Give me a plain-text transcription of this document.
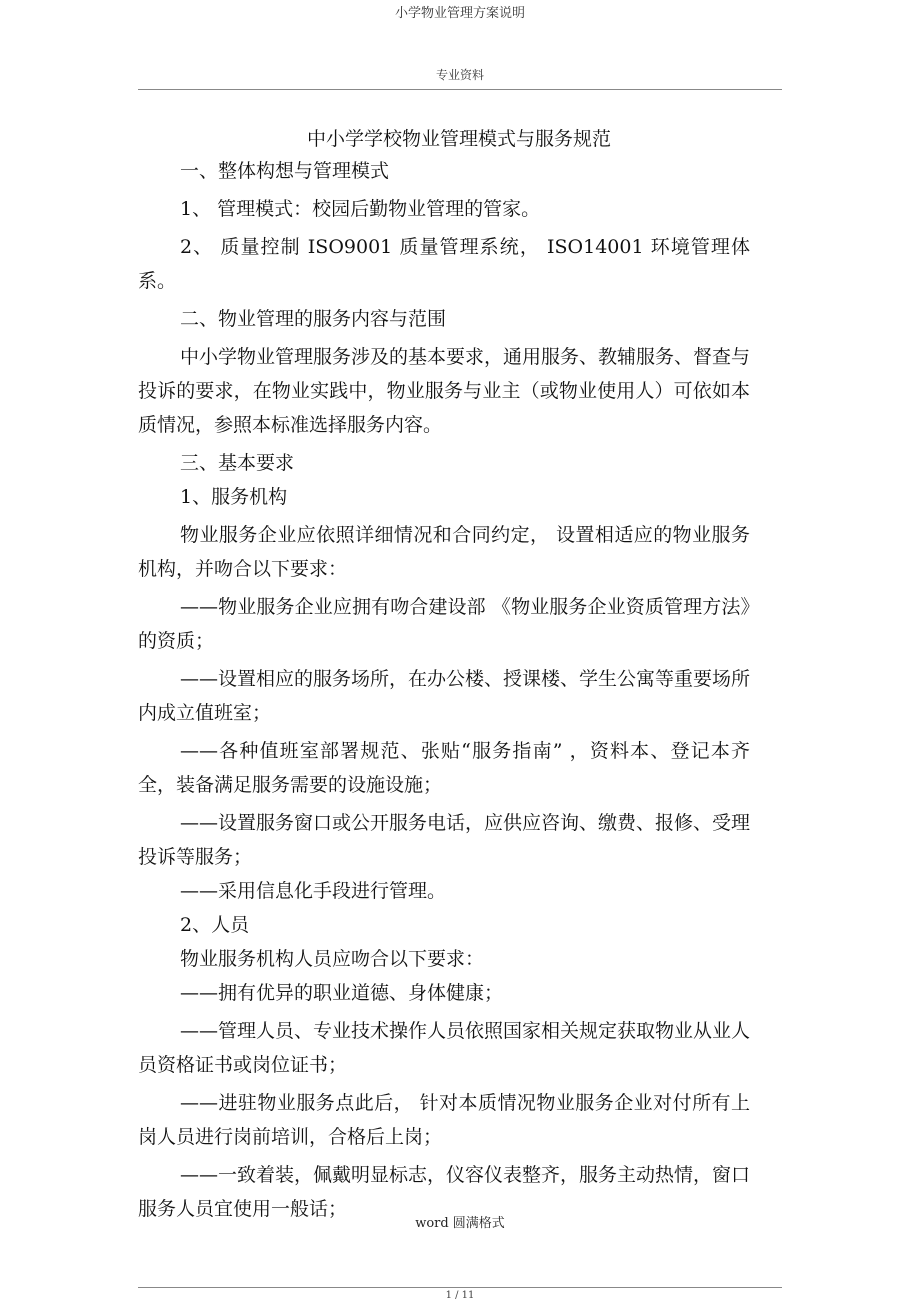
小学物业管理方案说明
专业资料
中小学学校物业管理模式与服务规范

一、整体构想与管理模式

1、 管理模式：校园后勤物业管理的管家。

2、 质量控制 ISO9001 质量管理系统， ISO14001 环境管理体系。

二、物业管理的服务内容与范围

中小学物业管理服务涉及的基本要求，通用服务、教辅服务、督查与投诉的要求，在物业实践中，物业服务与业主（或物业使用人）可依如本质情况，参照本标准选择服务内容。

三、基本要求

1、服务机构

物业服务企业应依照详细情况和合同约定， 设置相适应的物业服务机构，并吻合以下要求：

——物业服务企业应拥有吻合建设部 《物业服务企业资质管理方法》的资质；

——设置相应的服务场所，在办公楼、授课楼、学生公寓等重要场所内成立值班室；

——各种值班室部署规范、张贴“服务指南” ，资料本、登记本齐全，装备满足服务需要的设施设施；

——设置服务窗口或公开服务电话，应供应咨询、缴费、报修、受理投诉等服务；

——采用信息化手段进行管理。

2、人员

物业服务机构人员应吻合以下要求：

——拥有优异的职业道德、身体健康；

——管理人员、专业技术操作人员依照国家相关规定获取物业从业人员资格证书或岗位证书；

——进驻物业服务点此后， 针对本质情况物业服务企业对付所有上岗人员进行岗前培训，合格后上岗；

——一致着装，佩戴明显标志，仪容仪表整齐，服务主动热情，窗口服务人员宜使用一般话；

word 圆满格式
1 / 11
